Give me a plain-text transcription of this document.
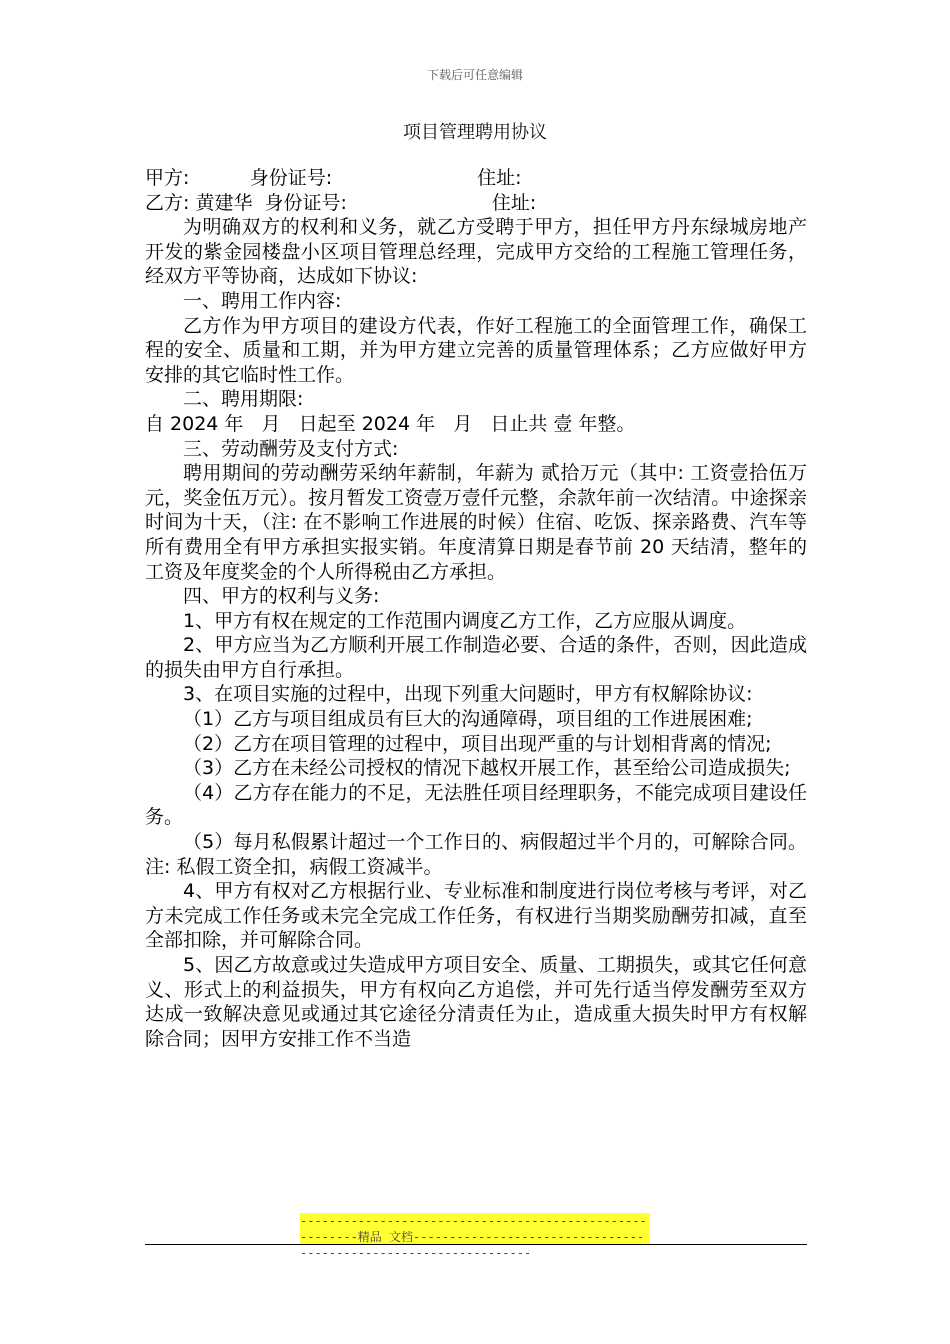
下载后可任意编辑
项目管理聘用协议

甲方:          身份证号:                        住址:

乙方: 黄建华  身份证号:                        住址:

为明确双方的权利和义务，就乙方受聘于甲方，担任甲方丹东绿城房地产开发的紫金园楼盘小区项目管理总经理，完成甲方交给的工程施工管理任务，经双方平等协商，达成如下协议:

一、聘用工作内容:

乙方作为甲方项目的建设方代表，作好工程施工的全面管理工作，确保工程的安全、质量和工期，并为甲方建立完善的质量管理体系；乙方应做好甲方安排的其它临时性工作。

二、聘用期限:

自 2024 年   月   日起至 2024 年   月   日止共 壹 年整。

三、劳动酬劳及支付方式:

聘用期间的劳动酬劳采纳年薪制，年薪为 贰拾万元（其中: 工资壹拾伍万元，奖金伍万元）。按月暂发工资壹万壹仟元整，余款年前一次结清。中途探亲时间为十天，（注: 在不影响工作进展的时候）住宿、吃饭、探亲路费、汽车等所有费用全有甲方承担实报实销。年度清算日期是春节前 20 天结清，整年的工资及年度奖金的个人所得税由乙方承担。

四、甲方的权利与义务:

1、甲方有权在规定的工作范围内调度乙方工作，乙方应服从调度。

2、甲方应当为乙方顺利开展工作制造必要、合适的条件，否则，因此造成的损失由甲方自行承担。

3、在项目实施的过程中，出现下列重大问题时，甲方有权解除协议:

（1）乙方与项目组成员有巨大的沟通障碍，项目组的工作进展困难;

（2）乙方在项目管理的过程中，项目出现严重的与计划相背离的情况;

（3）乙方在未经公司授权的情况下越权开展工作，甚至给公司造成损失;

（4）乙方存在能力的不足，无法胜任项目经理职务，不能完成项目建设任务。

（5）每月私假累计超过一个工作日的、病假超过半个月的，可解除合同。注: 私假工资全扣，病假工资减半。

4、甲方有权对乙方根据行业、专业标准和制度进行岗位考核与考评，对乙方未完成工作任务或未完全完成工作任务，有权进行当期奖励酬劳扣减，直至全部扣除，并可解除合同。

5、因乙方故意或过失造成甲方项目安全、质量、工期损失，或其它任何意义、形式上的利益损失，甲方有权向乙方追偿，并可先行适当停发酬劳至双方达成一致解决意见或通过其它途径分清责任为止，造成重大损失时甲方有权解除合同；因甲方安排工作不当造

--------------------------------------------------------精品 文档----------------------------------------------------------------
